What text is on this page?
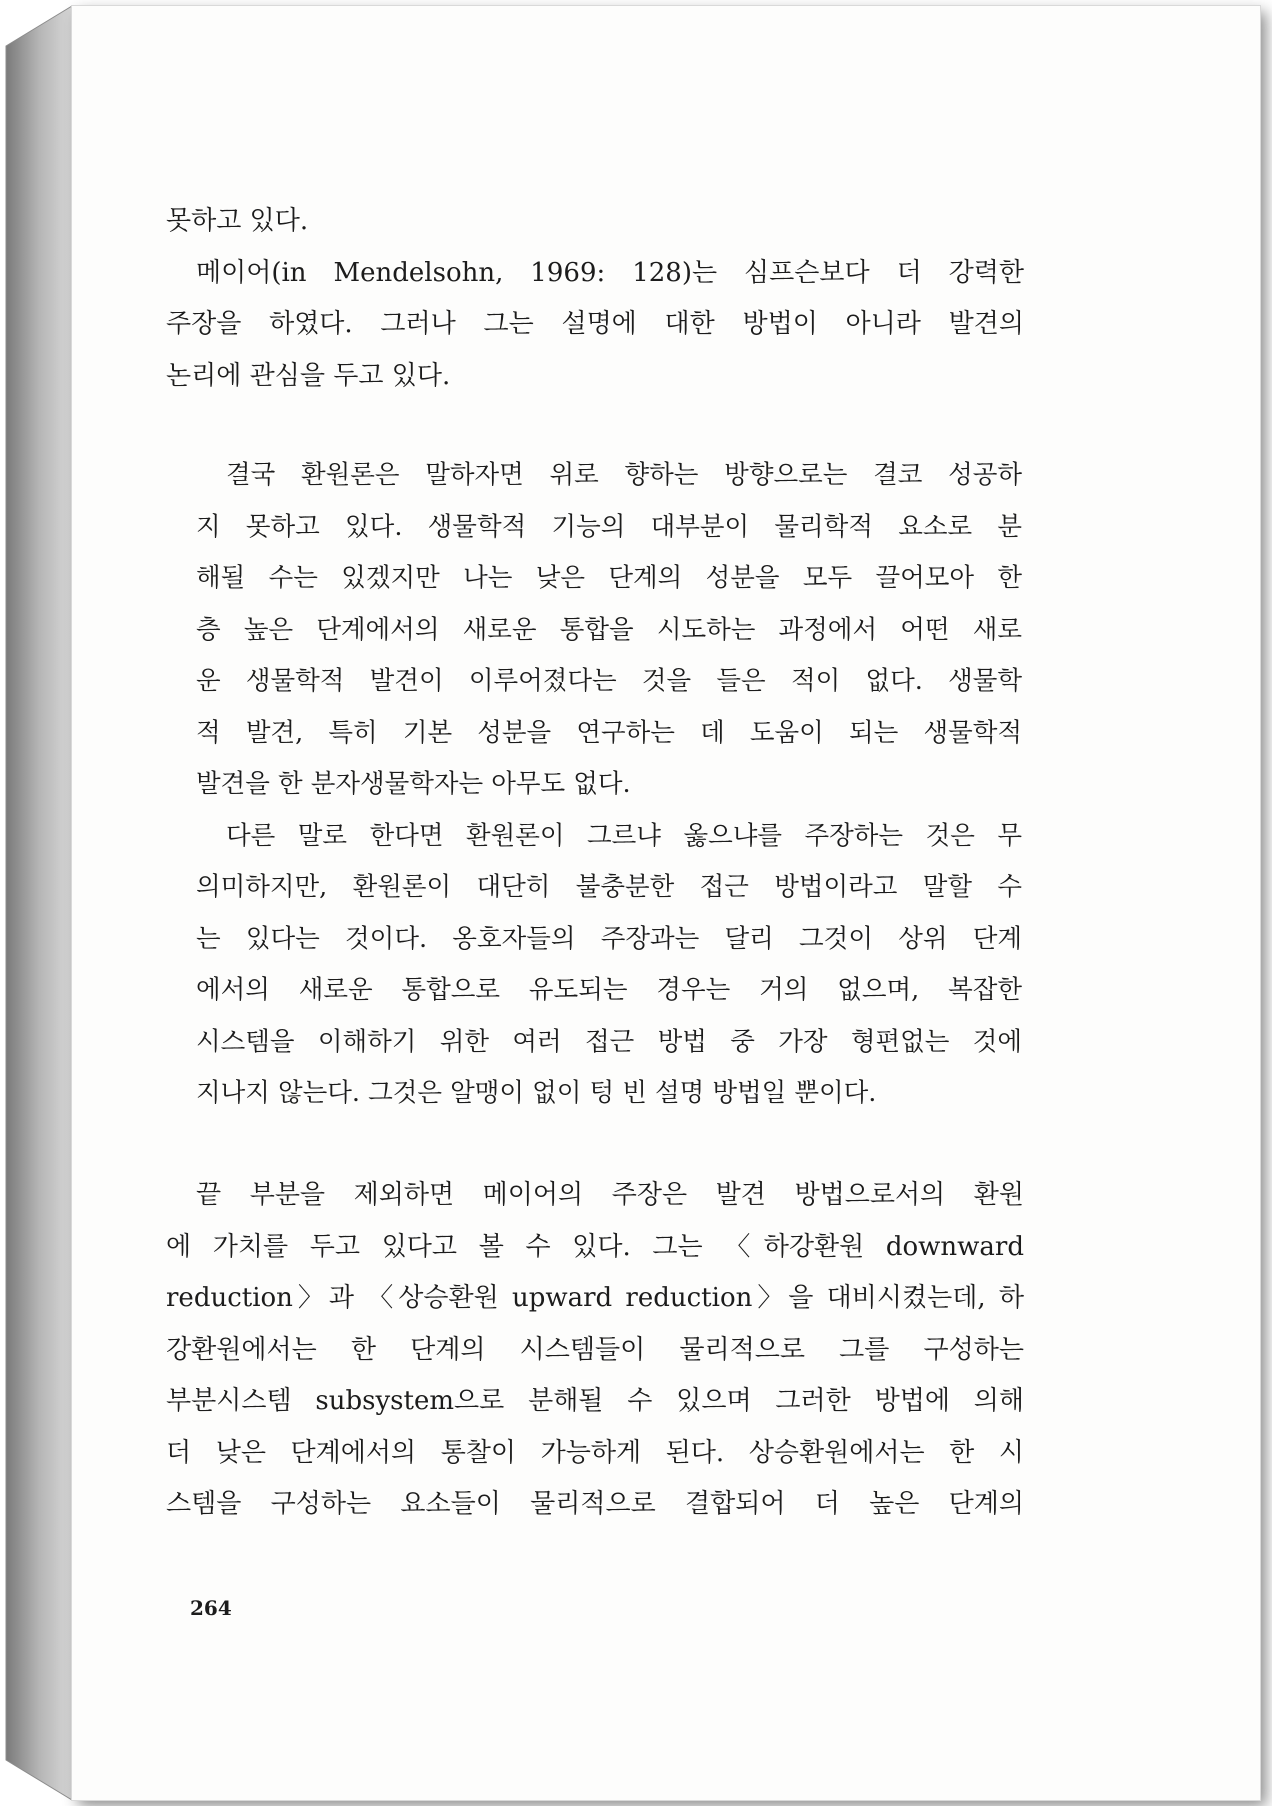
못하고 있다.
메이어(in Mendelsohn, 1969: 128)는 심프슨보다 더 강력한
주장을 하였다. 그러나 그는 설명에 대한 방법이 아니라 발견의
논리에 관심을 두고 있다.
결국 환원론은 말하자면 위로 향하는 방향으로는 결코 성공하
지 못하고 있다. 생물학적 기능의 대부분이 물리학적 요소로 분
해될 수는 있겠지만 나는 낮은 단계의 성분을 모두 끌어모아 한
층 높은 단계에서의 새로운 통합을 시도하는 과정에서 어떤 새로
운 생물학적 발견이 이루어졌다는 것을 들은 적이 없다. 생물학
적 발견, 특히 기본 성분을 연구하는 데 도움이 되는 생물학적
발견을 한 분자생물학자는 아무도 없다.
다른 말로 한다면 환원론이 그르냐 옳으냐를 주장하는 것은 무
의미하지만, 환원론이 대단히 불충분한 접근 방법이라고 말할 수
는 있다는 것이다. 옹호자들의 주장과는 달리 그것이 상위 단계
에서의 새로운 통합으로 유도되는 경우는 거의 없으며, 복잡한
시스템을 이해하기 위한 여러 접근 방법 중 가장 형편없는 것에
지나지 않는다. 그것은 알맹이 없이 텅 빈 설명 방법일 뿐이다.
끝 부분을 제외하면 메이어의 주장은 발견 방법으로서의 환원
에 가치를 두고 있다고 볼 수 있다. 그는 〈하강환원 downward
reduction〉과 〈상승환원 upward reduction〉을 대비시켰는데, 하
강환원에서는 한 단계의 시스템들이 물리적으로 그를 구성하는
부분시스템 subsystem으로 분해될 수 있으며 그러한 방법에 의해
더 낮은 단계에서의 통찰이 가능하게 된다. 상승환원에서는 한 시
스템을 구성하는 요소들이 물리적으로 결합되어 더 높은 단계의
264
